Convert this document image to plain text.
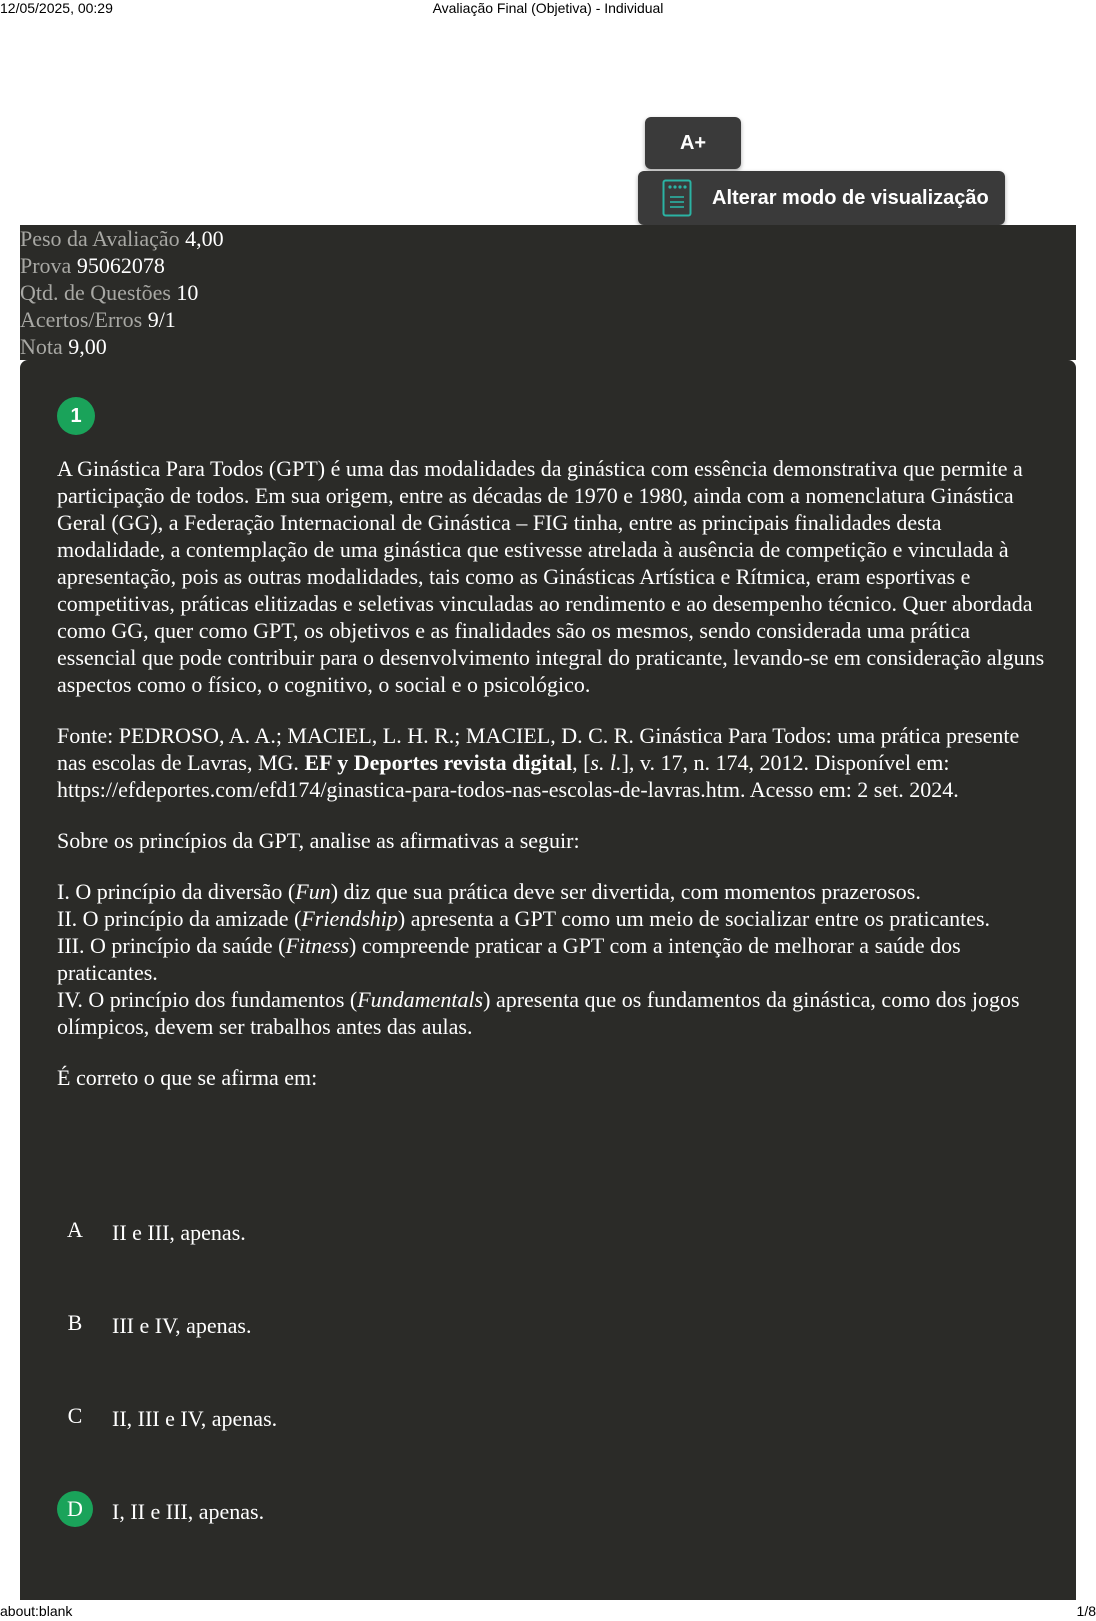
12/05/2025, 00:29	Avaliação Final (Objetiva) - Individual
A+
Alterar modo de visualização
Peso da Avaliação 4,00
Prova 95062078
Qtd. de Questões 10
Acertos/Erros 9/1
Nota 9,00
1

A Ginástica Para Todos (GPT) é uma das modalidades da ginástica com essência demonstrativa que permite a participação de todos. Em sua origem, entre as décadas de 1970 e 1980, ainda com a nomenclatura Ginástica Geral (GG), a Federação Internacional de Ginástica – FIG tinha, entre as principais finalidades desta modalidade, a contemplação de uma ginástica que estivesse atrelada à ausência de competição e vinculada à apresentação, pois as outras modalidades, tais como as Ginásticas Artística e Rítmica, eram esportivas e competitivas, práticas elitizadas e seletivas vinculadas ao rendimento e ao desempenho técnico. Quer abordada como GG, quer como GPT, os objetivos e as finalidades são os mesmos, sendo considerada uma prática essencial que pode contribuir para o desenvolvimento integral do praticante, levando-se em consideração alguns aspectos como o físico, o cognitivo, o social e o psicológico.

Fonte: PEDROSO, A. A.; MACIEL, L. H. R.; MACIEL, D. C. R. Ginástica Para Todos: uma prática presente nas escolas de Lavras, MG. EF y Deportes revista digital, [s. l.], v. 17, n. 174, 2012. Disponível em: https://efdeportes.com/efd174/ginastica-para-todos-nas-escolas-de-lavras.htm. Acesso em: 2 set. 2024.

Sobre os princípios da GPT, analise as afirmativas a seguir:

I. O princípio da diversão (Fun) diz que sua prática deve ser divertida, com momentos prazerosos.
II. O princípio da amizade (Friendship) apresenta a GPT como um meio de socializar entre os praticantes.
III. O princípio da saúde (Fitness) compreende praticar a GPT com a intenção de melhorar a saúde dos praticantes.
IV. O princípio dos fundamentos (Fundamentals) apresenta que os fundamentos da ginástica, como dos jogos olímpicos, devem ser trabalhos antes das aulas.

É correto o que se afirma em:

A	II e III, apenas.
B	III e IV, apenas.
C	II, III e IV, apenas.
D	I, II e III, apenas.
about:blank	1/8
